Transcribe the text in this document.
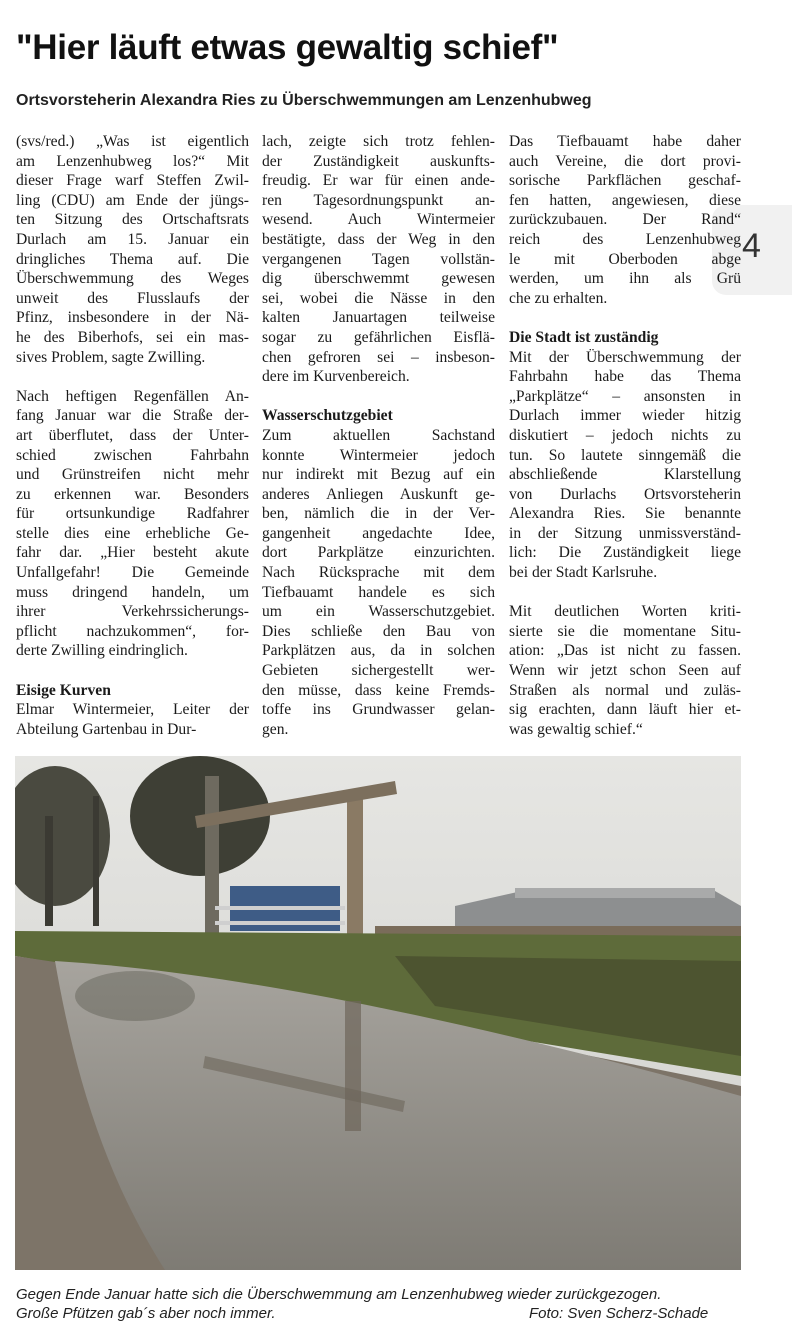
"Hier läuft etwas gewaltig schief"
Ortsvorsteherin Alexandra Ries zu Überschwemmungen am Lenzenhubweg
4
(svs/red.) „Was ist eigentlich
am Lenzenhubweg los?“ Mit
dieser Frage warf Steffen Zwil-
ling (CDU) am Ende der jüngs-
ten Sitzung des Ortschaftsrats
Durlach am 15. Januar ein
dringliches Thema auf. Die
Überschwemmung des Weges
unweit des Flusslaufs der
Pfinz, insbesondere in der Nä-
he des Biberhofs, sei ein mas-
sives Problem, sagte Zwilling.
Nach heftigen Regenfällen An-
fang Januar war die Straße der-
art überflutet, dass der Unter-
schied zwischen Fahrbahn
und Grünstreifen nicht mehr
zu erkennen war. Besonders
für ortsunkundige Radfahrer
stelle dies eine erhebliche Ge-
fahr dar. „Hier besteht akute
Unfallgefahr! Die Gemeinde
muss dringend handeln, um
ihrer Verkehrssicherungs-
pflicht nachzukommen“, for-
derte Zwilling eindringlich.
Eisige Kurven
Elmar Wintermeier, Leiter der
Abteilung Gartenbau in Dur-
lach, zeigte sich trotz fehlen-
der Zuständigkeit auskunfts-
freudig. Er war für einen ande-
ren Tagesordnungspunkt an-
wesend. Auch Wintermeier
bestätigte, dass der Weg in den
vergangenen Tagen vollstän-
dig überschwemmt gewesen
sei, wobei die Nässe in den
kalten Januartagen teilweise
sogar zu gefährlichen Eisflä-
chen gefroren sei – insbeson-
dere im Kurvenbereich.
Wasserschutzgebiet
Zum aktuellen Sachstand
konnte Wintermeier jedoch
nur indirekt mit Bezug auf ein
anderes Anliegen Auskunft ge-
ben, nämlich die in der Ver-
gangenheit angedachte Idee,
dort Parkplätze einzurichten.
Nach Rücksprache mit dem
Tiefbauamt handele es sich
um ein Wasserschutzgebiet.
Dies schließe den Bau von
Parkplätzen aus, da in solchen
Gebieten sichergestellt wer-
den müsse, dass keine Fremds-
toffe ins Grundwasser gelan-
gen.
Das Tiefbauamt habe daher
auch Vereine, die dort provi-
sorische Parkflächen geschaf-
fen hatten, angewiesen, diese
zurückzubauen. Der Rand“
reich des Lenzenhubweg
le mit Oberboden abge
werden, um ihn als Grü
che zu erhalten.
Die Stadt ist zuständig
Mit der Überschwemmung der
Fahrbahn habe das Thema
„Parkplätze“ – ansonsten in
Durlach immer wieder hitzig
diskutiert – jedoch nichts zu
tun. So lautete sinngemäß die
abschließende Klarstellung
von Durlachs Ortsvorsteherin
Alexandra Ries. Sie benannte
in der Sitzung unmissverständ-
lich: Die Zuständigkeit liege
bei der Stadt Karlsruhe.
Mit deutlichen Worten kriti-
sierte sie die momentane Situ-
ation: „Das ist nicht zu fassen.
Wenn wir jetzt schon Seen auf
Straßen als normal und zuläs-
sig erachten, dann läuft hier et-
was gewaltig schief.“
Gegen Ende Januar hatte sich die Überschwemmung am Lenzenhubweg wieder zurückgezogen.
Große Pfützen gab´s aber noch immer.	Foto: Sven Scherz-Schade
